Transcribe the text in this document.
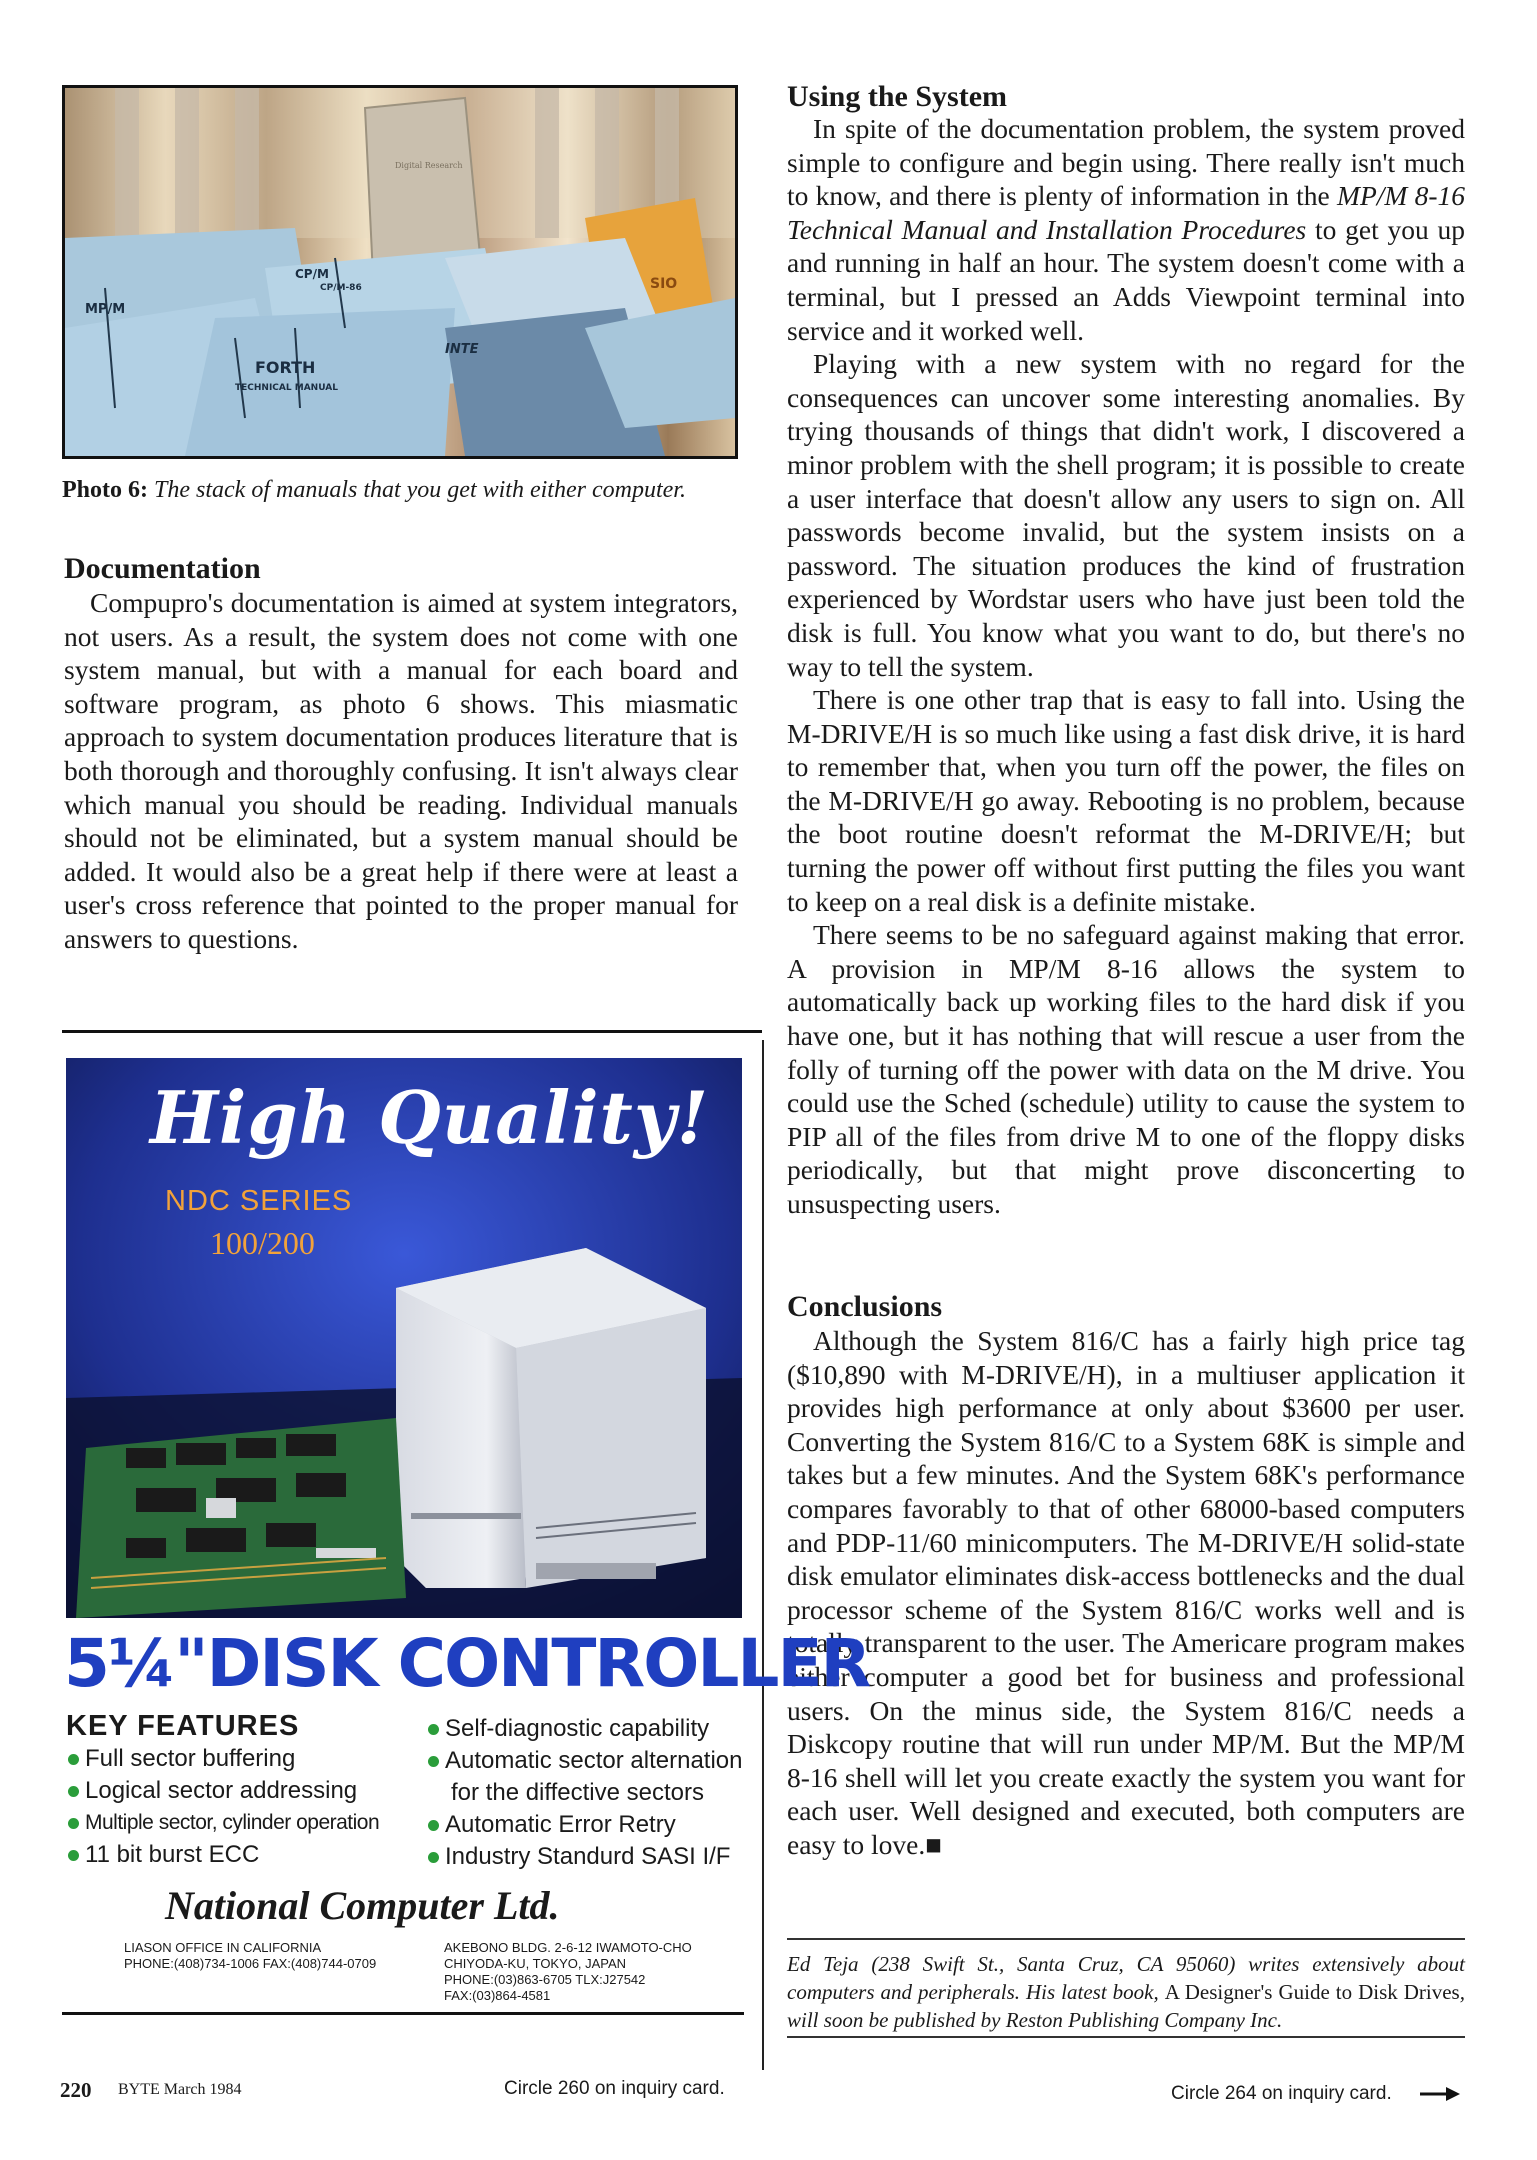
FORTH
TECHNICAL MANUAL
CP/M
CP/M-86
MP/M
INTE
SIO
Digital Research
Photo 6: The stack of manuals that you get with either computer.
Documentation

Compupro's documentation is aimed at system integrators, not users. As a result, the system does not come with one system manual, but with a manual for each board and software program, as photo 6 shows. This miasmatic approach to system documentation produces literature that is both thorough and thoroughly confusing. It isn't always clear which manual you should be reading. Individual manuals should not be eliminated, but a system manual should be added. It would also be a great help if there were at least a user's cross reference that pointed to the proper manual for answers to questions.

Using the System

In spite of the documentation problem, the system proved simple to configure and begin using. There really isn't much to know, and there is plenty of information in the MP/M 8-16 Technical Manual and Installation Procedures to get you up and running in half an hour. The system doesn't come with a terminal, but I pressed an Adds Viewpoint terminal into service and it worked well.

Playing with a new system with no regard for the consequences can uncover some interesting anomalies. By trying thousands of things that didn't work, I discovered a minor problem with the shell program; it is possible to create a user interface that doesn't allow any users to sign on. All passwords become invalid, but the system insists on a password. The situation produces the kind of frustration experienced by Wordstar users who have just been told the disk is full. You know what you want to do, but there's no way to tell the system.

There is one other trap that is easy to fall into. Using the M-DRIVE/H is so much like using a fast disk drive, it is hard to remember that, when you turn off the power, the files on the M-DRIVE/H go away. Rebooting is no problem, because the boot routine doesn't reformat the M-DRIVE/H; but turning the power off without first putting the files you want to keep on a real disk is a definite mistake.

There seems to be no safeguard against making that error. A provision in MP/M 8-16 allows the system to automatically back up working files to the hard disk if you have one, but it has nothing that will rescue a user from the folly of turning off the power with data on the M drive. You could use the Sched (schedule) utility to cause the system to PIP all of the files from drive M to one of the floppy disks periodically, but that might prove disconcerting to unsuspecting users.

Conclusions

Although the System 816/C has a fairly high price tag ($10,890 with M-DRIVE/H), in a multiuser application it provides high performance at only about $3600 per user. Converting the System 816/C to a System 68K is simple and takes but a few minutes. And the System 68K's performance compares favorably to that of other 68000-based computers and PDP-11/60 minicomputers. The M-DRIVE/H solid-state disk emulator eliminates disk-access bottlenecks and the dual processor scheme of the System 816/C works well and is totally transparent to the user. The Americare program makes either computer a good bet for business and professional users. On the minus side, the System 816/C needs a Diskcopy routine that will run under MP/M. But the MP/M 8-16 shell will let you create exactly the system you want for each user. Well designed and executed, both computers are easy to love.■

Ed Teja (238 Swift St., Santa Cruz, CA 95060) writes extensively about computers and peripherals. His latest book, A Designer's Guide to Disk Drives, will soon be published by Reston Publishing Company Inc.
High Quality!
NDC SERIES
100/200
5¼"DISK CONTROLLER
KEY FEATURES
Full sector buffering
Logical sector addressing
Multiple sector, cylinder operation
11 bit burst ECC
Self-diagnostic capability
Automatic sector alternation
for the diffective sectors
Automatic Error Retry
Industry Standurd SASI I/F
National Computer Ltd.
LIASON OFFICE IN CALIFORNIA
PHONE:(408)734-1006 FAX:(408)744-0709
AKEBONO BLDG. 2-6-12 IWAMOTO-CHO
CHIYODA-KU, TOKYO, JAPAN
PHONE:(03)863-6705 TLX:J27542
FAX:(03)864-4581
220 BYTE March 1984	Circle 260 on inquiry card.	Circle 264 on inquiry card.
